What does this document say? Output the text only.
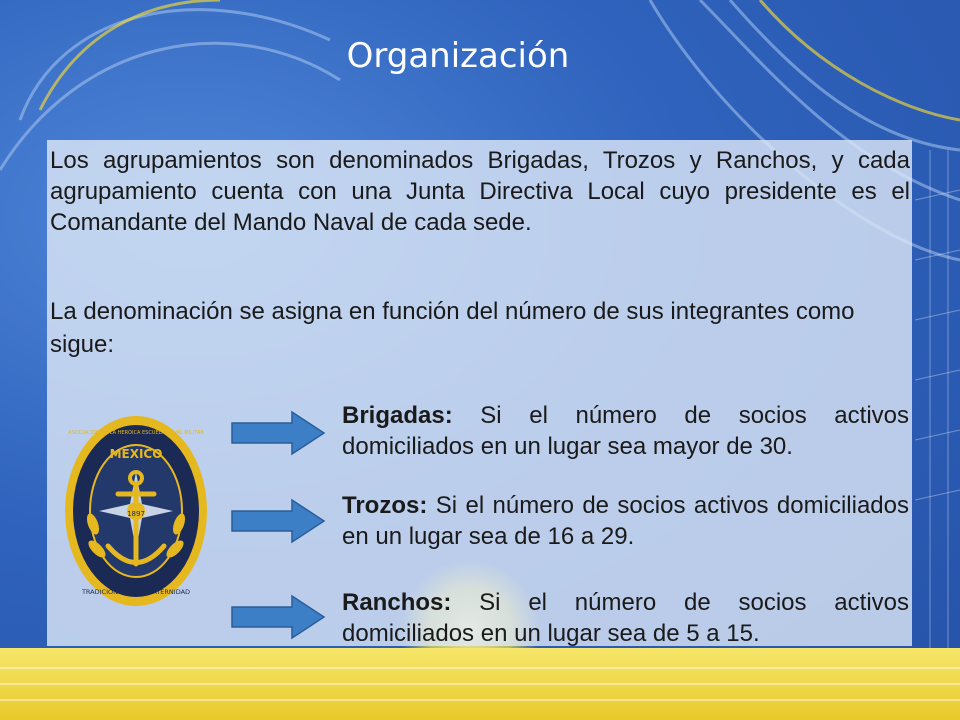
Organización

Los agrupamientos son denominados Brigadas, Trozos y Ranchos, y cada agrupamiento cuenta con una Junta Directiva Local cuyo presidente es el Comandante del Mando Naval de cada sede.

La denominación se asigna en función del número de sus integrantes como sigue:

MÉXICO
1897
TRADICIÓN PATRIA FRATERNIDAD
ASOCIACIÓN DE LA HEROICA ESCUELA NAVAL MILITAR
Brigadas: Si el número de socios activos domiciliados en un lugar sea mayor de 30.
Trozos: Si el número de socios activos domiciliados en un lugar sea de 16 a 29.
Ranchos: Si el número de socios activos domiciliados en un lugar sea de 5 a 15.
